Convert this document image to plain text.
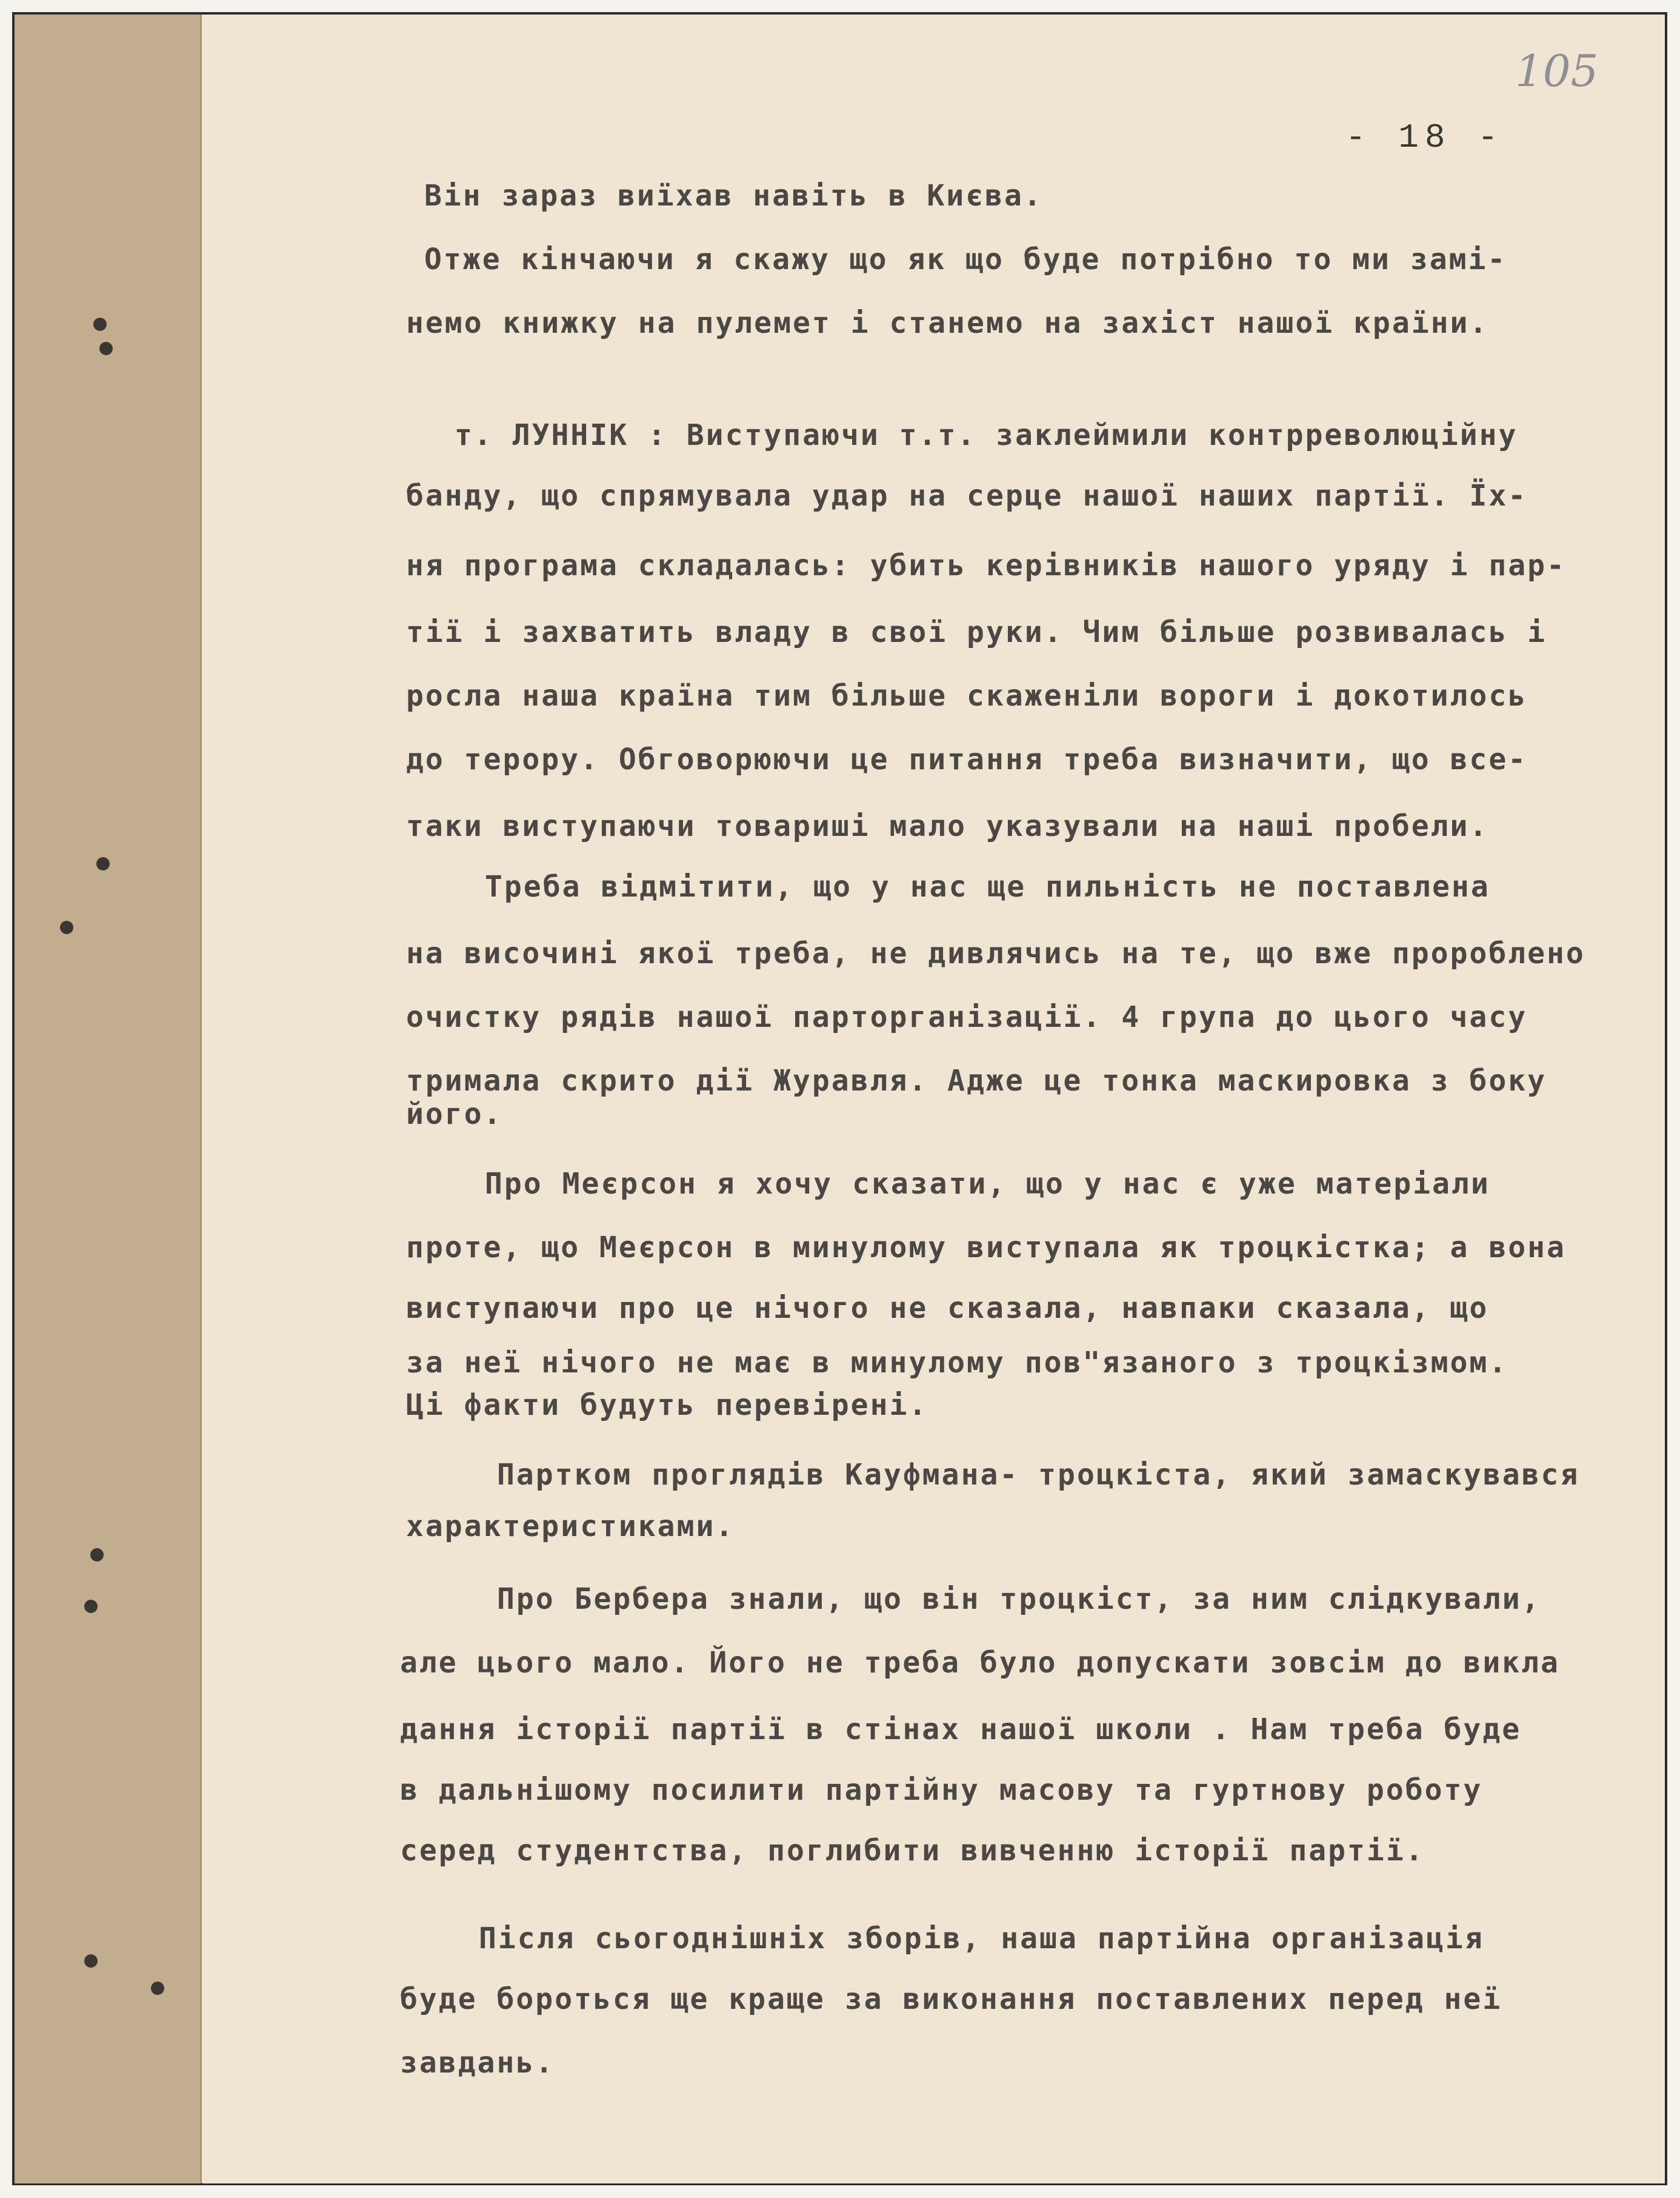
105
- 18 -
Він зараз виїхав навіть в Києва.
Отже кінчаючи я скажу що як що буде потрібно то ми замі-
немо книжку на пулемет і станемо на захіст нашої країни.
т. ЛУННІК : Виступаючи т.т. заклеймили контрреволюційну
банду, що спрямувала удар на серце нашої наших партії. Їх-
ня програма складалась: убить керівників нашого уряду і пар-
тії і захватить владу в свої руки. Чим більше розвивалась і
росла наша країна тим більше скаженіли вороги і докотилось
до терору. Обговорюючи це питання треба визначити, що все-
таки виступаючи товариші мало указували на наші пробели.
Треба відмітити, що у нас ще пильність не поставлена
на височині якої треба, не дивлячись на те, що вже пророблено
очистку рядів нашої парторганізації. 4 група до цього часу
тримала скрито дії Журавля. Адже це тонка маскировка з боку
його.
Про Меєрсон я хочу сказати, що у нас є уже матеріали
проте, що Меєрсон в минулому виступала як троцкістка; а вона
виступаючи про це нічого не сказала, навпаки сказала, що
за неї нічого не має в минулому пов"язаного з троцкізмом.
Ці факти будуть перевірені.
Партком проглядів Кауфмана- троцкіста, який замаскувався
характеристиками.
Про Бербера знали, що він троцкіст, за ним слідкували,
але цього мало. Його не треба було допускати зовсім до викла
дання історії партії в стінах нашої школи . Нам треба буде
в дальнішому посилити партійну масову та гуртнову роботу
серед студентства, поглибити вивченню історії партії.
Після сьогоднішніх зборів, наша партійна організація
буде бороться ще краще за виконання поставлених перед неї
завдань.
